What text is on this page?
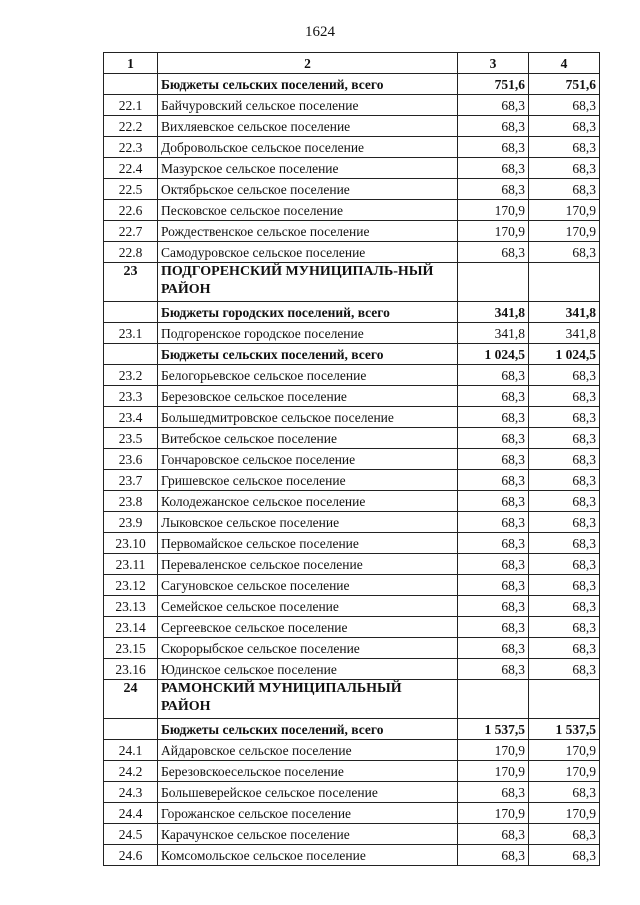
1624
1	2	3	4
	Бюджеты сельских поселений, всего	751,6	751,6
22.1	Байчуровский сельское поселение	68,3	68,3
22.2	Вихляевское сельское поселение	68,3	68,3
22.3	Добровольское сельское поселение	68,3	68,3
22.4	Мазурское сельское поселение	68,3	68,3
22.5	Октябрьское сельское поселение	68,3	68,3
22.6	Песковское сельское поселение	170,9	170,9
22.7	Рождественское сельское поселение	170,9	170,9
22.8	Самодуровское сельское поселение	68,3	68,3
23	ПОДГОРЕНСКИЙ МУНИЦИПАЛЬ-НЫЙ РАЙОН		
	Бюджеты городских поселений, всего	341,8	341,8
23.1	Подгоренское городское поселение	341,8	341,8
	Бюджеты сельских поселений, всего	1 024,5	1 024,5
23.2	Белогорьевское сельское поселение	68,3	68,3
23.3	Березовское сельское поселение	68,3	68,3
23.4	Большедмитровское сельское поселение	68,3	68,3
23.5	Витебское сельское поселение	68,3	68,3
23.6	Гончаровское сельское поселение	68,3	68,3
23.7	Гришевское сельское поселение	68,3	68,3
23.8	Колодежанское сельское поселение	68,3	68,3
23.9	Лыковское сельское поселение	68,3	68,3
23.10	Первомайское сельское поселение	68,3	68,3
23.11	Переваленское сельское поселение	68,3	68,3
23.12	Сагуновское сельское поселение	68,3	68,3
23.13	Семейское сельское поселение	68,3	68,3
23.14	Сергеевское сельское поселение	68,3	68,3
23.15	Скорорыбское сельское поселение	68,3	68,3
23.16	Юдинское сельское поселение	68,3	68,3
24	РАМОНСКИЙ МУНИЦИПАЛЬНЫЙ РАЙОН		
	Бюджеты сельских поселений, всего	1 537,5	1 537,5
24.1	Айдаровское сельское поселение	170,9	170,9
24.2	Березовскоесельское поселение	170,9	170,9
24.3	Большеверейское сельское поселение	68,3	68,3
24.4	Горожанское сельское поселение	170,9	170,9
24.5	Карачунское сельское поселение	68,3	68,3
24.6	Комсомольское сельское поселение	68,3	68,3
